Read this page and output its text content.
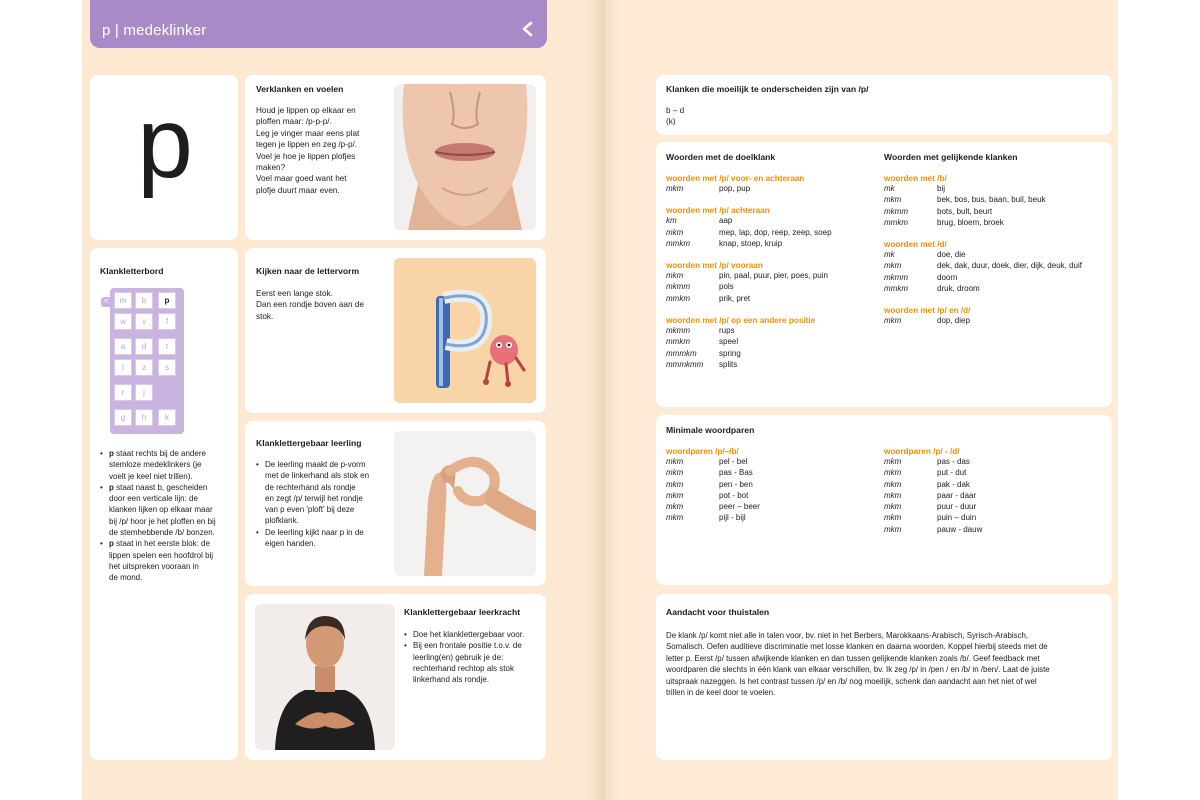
p | medeklinker
p	Verklanken en voelen
Houd je lippen op elkaar en
ploffen maar: /p-p-p/.
Leg je vinger maar eens plat
tegen je lippen en zeg /p-p/.
Voel je hoe je lippen plofjes
maken?
Voel maar goed want het
plofje duurt maar even.
Klankletterbord
m	b	p
w	v	f
a	d	t
l	z	s
r	j
g	h	k
<
• p staat rechts bij de andere
stemloze medeklinkers (je
voelt je keel niet trillen).
• p staat naast b, gescheiden
door een verticale lijn: de
klanken lijken op elkaar maar
bij /p/ hoor je het ploffen en bij
de stemhebbende /b/ bonzen.
• p staat in het eerste blok: de
lippen spelen een hoofdrol bij
het uitspreken vooraan in
de mond.
Kijken naar de lettervorm
Eerst een lange stok.
Dan een rondje boven aan de
stok.
Klanklettergebaar leerling
• De leerling maakt de p-vorm
met de linkerhand als stok en
de rechterhand als rondje
en zegt /p/ terwijl het rondje
van p even 'ploft' bij deze
plofklank.
• De leerling kijkt naar p in de
eigen handen.
Klanklettergebaar leerkracht
• Doe het klanklettergebaar voor.
• Bij een frontale positie t.o.v. de
leerling(en) gebruik je de:
rechterhand rechtop als stok
linkerhand als rondje.
Klanken die moeilijk te onderscheiden zijn van /p/
b – d
(k)
Woorden met de doelklank
woorden met /p/ voor- en achteraan
mkm	pop, pup
woorden met /p/ achteraan
km	aap
mkm	mep, lap, dop, reep, zeep, soep
mmkm	knap, stoep, kruip
woorden met /p/ vooraan
mkm	pin, paal, puur, pier, poes, puin
mkmm	pols
mmkm	prik, pret
woorden met /p/ op een andere positie
mkmm	rups
mmkm	speel
mmmkm	spring
mmmkmm splits
Woorden met gelijkende klanken
woorden met /b/
mk	bij
mkm	bek, bos, bus, baan, buil, beuk
mkmm	bots, bult, beurt
mmkm	brug, bloem, broek
woorden met /d/
mk	doe, die
mkm	dek, dak, duur, doek, dier, dijk, deuk, duif
mkmm	doorn
mmkm	druk, droom
woorden met /p/ en /d/
mkm	dop, diep
Minimale woordparen
woordparen /p/–/b/
mkm	pel - bel
mkm	pas - Bas
mkm	pen - ben
mkm	pot - bot
mkm	peer – beer
mkm	pijl - bijl
woordparen /p/ - /d/
mkm	pas - das
mkm	put - dut
mkm	pak - dak
mkm	paar - daar
mkm	puur - duur
mkm	puin – duin
mkm	pauw - dauw
Aandacht voor thuistalen
De klank /p/ komt niet alle in talen voor, bv. niet in het Berbers, Marokkaans-Arabisch, Syrisch-Arabisch,
Somalisch. Oefen auditieve discriminatie met losse klanken en daarna woorden. Koppel hierbij steeds met de
letter p. Eerst /p/ tussen afwijkende klanken en dan tussen gelijkende klanken zoals /b/. Geef feedback met
woordparen die slechts in één klank van elkaar verschillen, bv. Ik zeg /p/ in /pen / en /b/ in /ben/. Laat de juiste
uitspraak nazeggen. Is het contrast tussen /p/ en /b/ nog moeilijk, schenk dan aandacht aan het niet of wel
trillen in de keel door te voelen.
